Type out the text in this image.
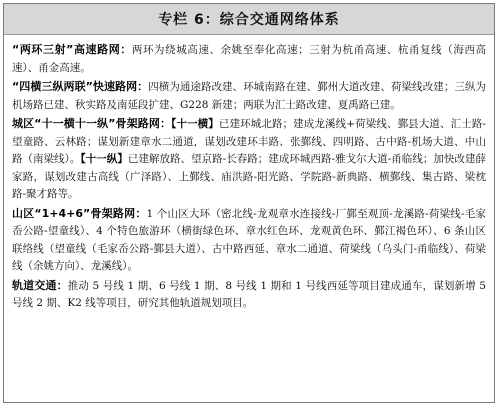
专栏 6：综合交通网络体系

“两环三射”高速路网：两环为绕城高速、余姚至奉化高速；三射为杭甬高速、杭甬复线（海西高速）、甬金高速。

“四横三纵两联”快速路网：四横为通途路改建、环城南路在建、鄞州大道改建、荷梁线改建；三纵为机场路已建、秋实路及南延段扩建、G228 新建；两联为汇士路改建、夏禹路已建。

城区“十一横十一纵”骨架路网：【十一横】已建环城北路；建成龙溪线+荷梁线、鄞县大道、汇士路-望童路、云林路；谋划新建章水二通道，谋划改建环丰路、张鄞线、四明路、古中路-机场大道、中山路（南梁线）。【十一纵】已建解放路、望京路-长春路；建成环城西路-雅戈尔大道-甬临线；加快改建薛家路，谋划改建古高线（广泽路）、上鄞线、庙洪路-阳光路、学院路-新典路、横鄞线、集古路、梁枕路-聚才路等。

山区“1+4+6”骨架路网：1 个山区大环（密北线-龙观章水连接线-厂鄞至观顶-龙溪路-荷梁线-毛家岙公路-望童线）、4 个特色旅游环（横街绿色环、章水红色环、龙观黄色环、鄞江褐色环）、6 条山区联络线（望童线（毛家岙公路-鄞县大道）、古中路西延、章水二通道、荷梁线（乌头门-甬临线）、荷梁线（余姚方向）、龙溪线）。

轨道交通：推动 5 号线 1 期、6 号线 1 期、8 号线 1 期和 1 号线西延等项目建成通车，谋划新增 5 号线 2 期、K2 线等项目，研究其他轨道规划项目。
